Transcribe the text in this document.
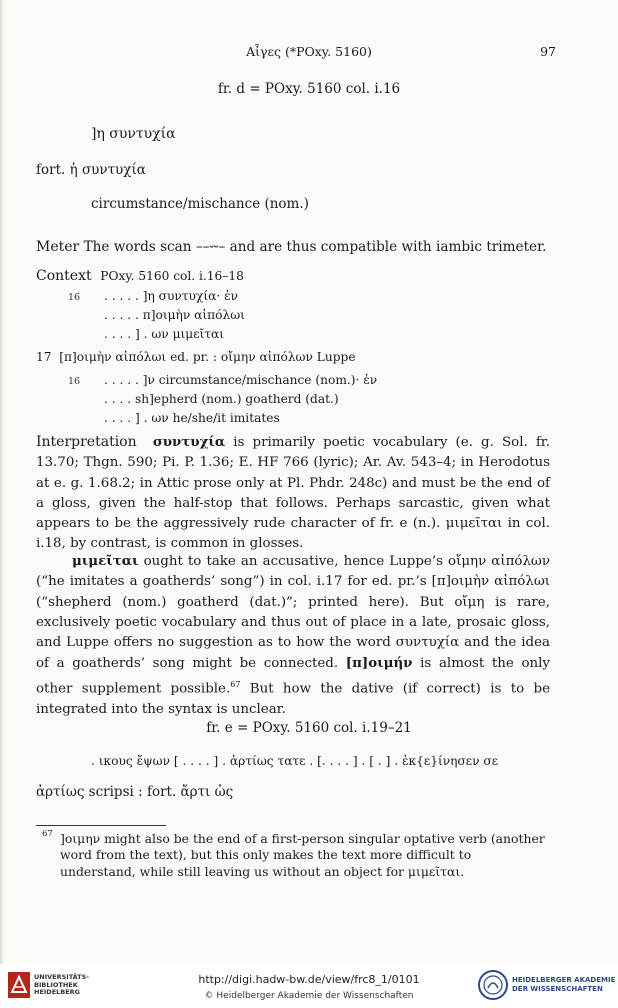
Αἶγες (*POxy. 5160)	97
fr. d = POxy. 5160 col. i.16
]η συντυχία
fort. ἡ συντυχία
circumstance/mischance (nom.)
Meter The words scan ––⏑⏑– and are thus compatible with iambic trimeter.
Context POxy. 5160 col. i.16–18
16 . . . . . ]η συντυχία· ἐν
. . . . . π]οιμὴν αἰπόλωι
. . . . ] . ων μιμεῖται
17 [π]οιμὴν αἰπόλωι ed. pr. : οἴμην αἰπόλων Luppe
16 . . . . . ]ν circumstance/mischance (nom.)· ἐν
. . . . sh]epherd (nom.) goatherd (dat.)
. . . . ] . ων he/she/it imitates
Interpretation συντυχία is primarily poetic vocabulary (e. g. Sol. fr. 13.70; Thgn. 590; Pi. P. 1.36; E. HF 766 (lyric); Ar. Av. 543–4; in Herodotus at e. g. 1.68.2; in Attic prose only at Pl. Phdr. 248c) and must be the end of a gloss, given the half-stop that follows. Perhaps sarcastic, given what appears to be the aggressively rude character of fr. e (n.). μιμεῖται in col. i.18, by contrast, is common in glosses.
μιμεῖται ought to take an accusative, hence Luppe’s οἴμην αἰπόλων (“he imitates a goatherds’ song”) in col. i.17 for ed. pr.’s [π]οιμὴν αἰπόλωι (“shepherd (nom.) goatherd (dat.)”; printed here). But οἴμη is rare, exclusively poetic vocabulary and thus out of place in a late, prosaic gloss, and Luppe offers no suggestion as to how the word συντυχία and the idea of a goatherds’ song might be connected. [π]οιμήν is almost the only other supplement possible.$^{67}$ But how the dative (if correct) is to be integrated into the syntax is unclear.
fr. e = POxy. 5160 col. i.19–21
. ικους ἔψων [ . . . . ] . ἀρτίως τατε . [. . . . ] . [ . ] . ἐκ{ε}ίνησεν σε
ἀρτίως scripsi : fort. ἄρτι ὡς
67 ]οιμην might also be the end of a first-person singular optative verb (another word from the text), but this only makes the text more difficult to understand, while still leaving us without an object for μιμεῖται.
UNIVERSITÄTS-
BIBLIOTHEK
HEIDELBERG
http://digi.hadw-bw.de/view/frc8_1/0101
© Heidelberger Akademie der Wissenschaften
HEIDELBERGER AKADEMIE
DER WISSENSCHAFTEN
